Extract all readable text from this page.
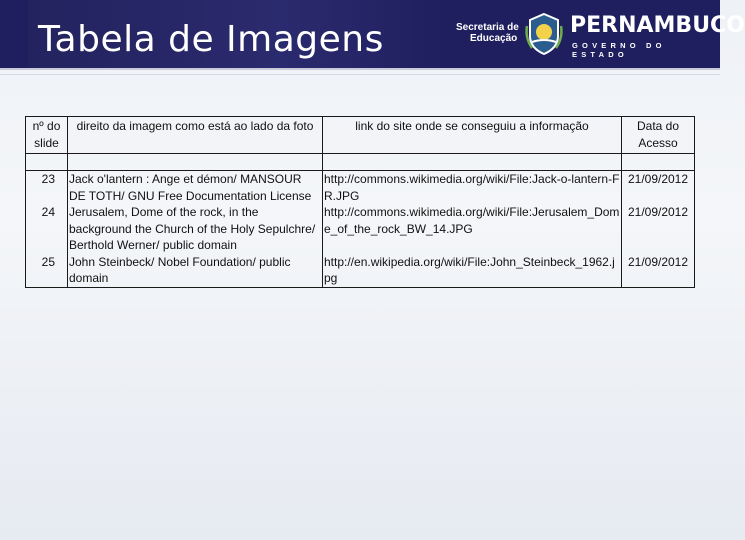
Tabela de Imagens	Secretaria de
Educação
PERNAMBUCO
GOVERNO DO ESTADO
nº do slide	direito da imagem como está ao lado da foto	link do site onde se conseguiu a informação	Data do Acesso

23	Jack o'lantern : Ange et démon/ MANSOUR DE TOTH/ GNU Free Documentation License	http://commons.wikimedia.org/wiki/File:Jack-o-lantern-FR.JPG	21/09/2012
24	Jerusalem, Dome of the rock, in the background the Church of the Holy Sepulchre/ Berthold Werner/ public domain	http://commons.wikimedia.org/wiki/File:Jerusalem_Dome_of_the_rock_BW_14.JPG	21/09/2012
25	John Steinbeck/ Nobel Foundation/ public domain	http://en.wikipedia.org/wiki/File:John_Steinbeck_1962.jpg	21/09/2012
